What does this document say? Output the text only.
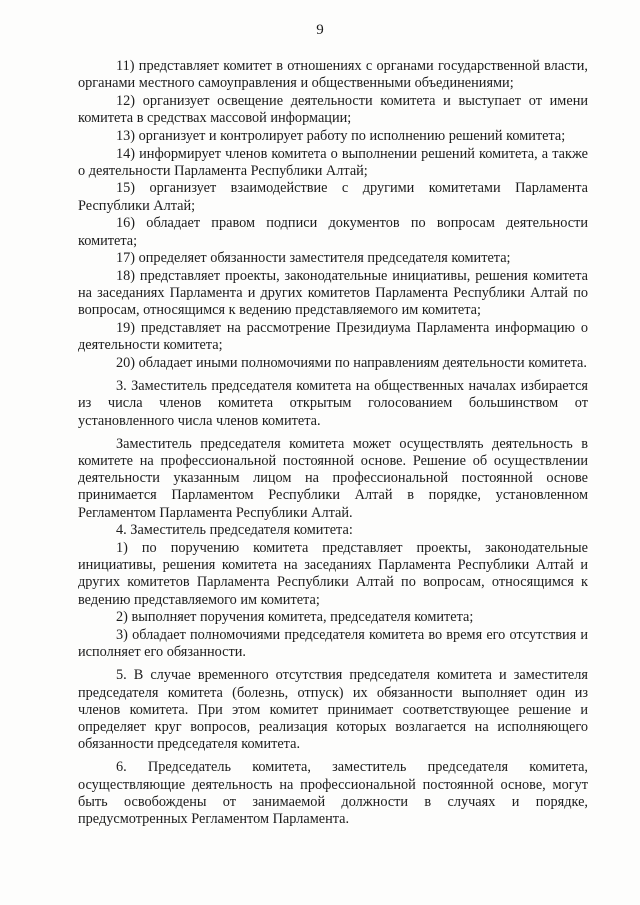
9

11) представляет комитет в отношениях с органами государственной власти, органами местного самоуправления и общественными объединениями;

12) организует освещение деятельности комитета и выступает от имени комитета в средствах массовой информации;

13) организует и контролирует работу по исполнению решений комитета;

14) информирует членов комитета о выполнении решений комитета, а также о деятельности Парламента Республики Алтай;

15) организует взаимодействие с другими комитетами Парламента Республики Алтай;

16) обладает правом подписи документов по вопросам деятельности комитета;

17) определяет обязанности заместителя председателя комитета;

18) представляет проекты, законодательные инициативы, решения комитета на заседаниях Парламента и других комитетов Парламента Республики Алтай по вопросам, относящимся к ведению представляемого им комитета;

19) представляет на рассмотрение Президиума Парламента информацию о деятельности комитета;

20) обладает иными полномочиями по направлениям деятельности комитета.

3. Заместитель председателя комитета на общественных началах избирается из числа членов комитета открытым голосованием большинством от установленного числа членов комитета.

Заместитель председателя комитета может осуществлять деятельность в комитете на профессиональной постоянной основе. Решение об осуществлении деятельности указанным лицом на профессиональной постоянной основе принимается Парламентом Республики Алтай в порядке, установленном Регламентом Парламента Республики Алтай.

4. Заместитель председателя комитета:

1) по поручению комитета представляет проекты, законодательные инициативы, решения комитета на заседаниях Парламента Республики Алтай и других комитетов Парламента Республики Алтай по вопросам, относящимся к ведению представляемого им комитета;

2) выполняет поручения комитета, председателя комитета;

3) обладает полномочиями председателя комитета во время его отсутствия и исполняет его обязанности.

5. В случае временного отсутствия председателя комитета и заместителя председателя комитета (болезнь, отпуск) их обязанности выполняет один из членов комитета. При этом комитет принимает соответствующее решение и определяет круг вопросов, реализация которых возлагается на исполняющего обязанности председателя комитета.

6. Председатель комитета, заместитель председателя комитета, осуществляющие деятельность на профессиональной постоянной основе, могут быть освобождены от занимаемой должности в случаях и порядке, предусмотренных Регламентом Парламента.
